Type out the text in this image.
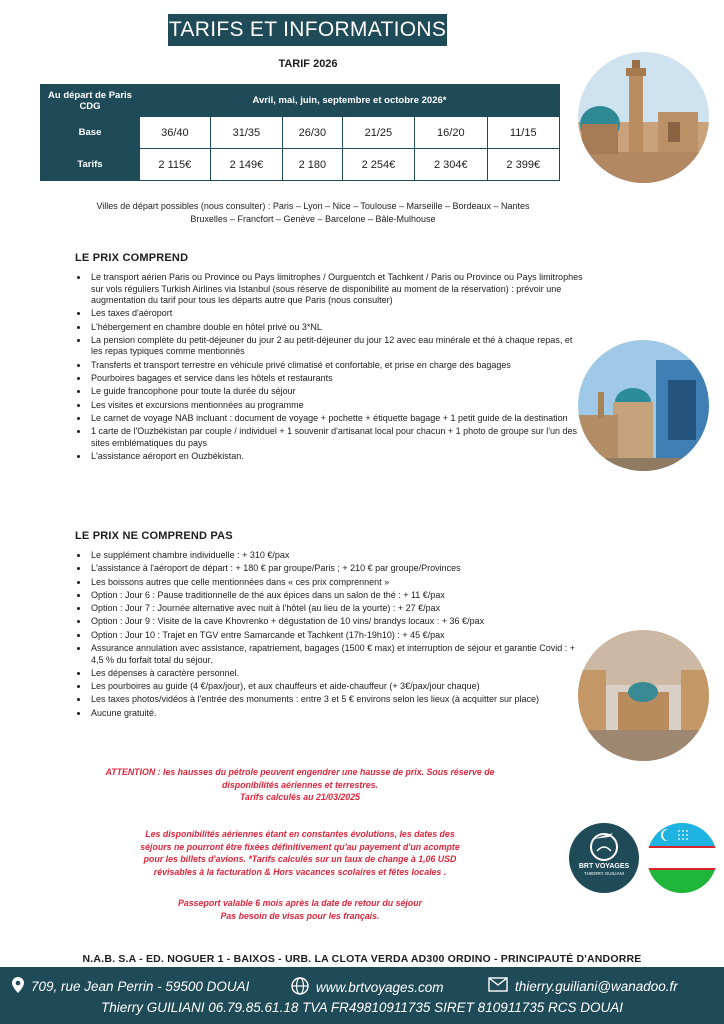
TARIFS ET INFORMATIONS
TARIF 2026
Au départ de Paris CDG	Avril, mai, juin, septembre et octobre 2026*					
Base	36/40	31/35	26/30	21/25	16/20	11/15
Tarifs	2 115€	2 149€	2 180	2 254€	2 304€	2 399€
Villes de départ possibles (nous consulter) : Paris – Lyon – Nice – Toulouse – Marseille – Bordeaux – Nantes
Bruxelles – Francfort – Genève – Barcelone – Bâle-Mulhouse
LE PRIX COMPREND
• Le transport aérien Paris ou Province ou Pays limitrophes / Ourguentch et Tachkent / Paris ou Province ou Pays limitrophes sur vols réguliers Turkish Airlines via Istanbul (sous réserve de disponibilité au moment de la réservation) : prévoir une augmentation du tarif pour tous les départs autre que Paris (nous consulter)
• Les taxes d'aéroport
• L'hébergement en chambre double en hôtel privé ou 3*NL
• La pension complète du petit-déjeuner du jour 2 au petit-déjeuner du jour 12 avec eau minérale et thé à chaque repas, et les repas typiques comme mentionnés
• Transferts et transport terrestre en véhicule privé climatisé et confortable, et prise en charge des bagages
• Pourboires bagages et service dans les hôtels et restaurants
• Le guide francophone pour toute la durée du séjour
• Les visites et excursions mentionnées au programme
• Le carnet de voyage NAB incluant : document de voyage + pochette + étiquette bagage + 1 petit guide de la destination
• 1 carte de l'Ouzbékistan par couple / individuel + 1 souvenir d'artisanat local pour chacun + 1 photo de groupe sur l'un des sites emblématiques du pays
• L'assistance aéroport en Ouzbékistan.
LE PRIX NE COMPREND PAS
• Le supplément chambre individuelle : + 310 €/pax
• L'assistance à l'aéroport de départ : + 180 € par groupe/Paris ; + 210 € par groupe/Provinces
• Les boissons autres que celle mentionnées dans « ces prix comprennent »
• Option : Jour 6 : Pause traditionnelle de thé aux épices dans un salon de thé : + 11 €/pax
• Option : Jour 7 : Journée alternative avec nuit à l'hôtel (au lieu de la yourte) : + 27 €/pax
• Option : Jour 9 : Visite de la cave Khovrenko + dégustation de 10 vins/ brandys locaux : + 36 €/pax
• Option : Jour 10 : Trajet en TGV entre Samarcande et Tachkent (17h-19h10) : + 45 €/pax
• Assurance annulation avec assistance, rapatriement, bagages (1500 € max) et interruption de séjour et garantie Covid : + 4,5 % du forfait total du séjour.
• Les dépenses à caractère personnel.
• Les pourboires au guide (4 €/pax/jour), et aux chauffeurs et aide-chauffeur (+ 3€/pax/jour chaque)
• Les taxes photos/vidéos à l'entrée des monuments : entre 3 et 5 € environs selon les lieux (à acquitter sur place)
• Aucune gratuité.
ATTENTION : les hausses du pétrole peuvent engendrer une hausse de prix. Sous réserve de
disponibilités aériennes et terrestres.
Tarifs calculés au 21/03/2025
Les disponibilités aériennes étant en constantes évolutions, les dates des
séjours ne pourront être fixées définitivement qu'au payement d'un acompte
pour les billets d'avions. *Tarifs calculés sur un taux de change à 1,06 USD
révisables à la facturation & Hors vacances scolaires et fêtes locales .
Passeport valable 6 mois après la date de retour du séjour
Pas besoin de visas pour les français.
BRT VOYAGES
THIERRY GUILIANI
N.A.B. S.A - ED. NOGUER 1 - BAIXOS - URB. LA CLOTA VERDA AD300 ORDINO - PRINCIPAUTÉ D'ANDORRE
709, rue Jean Perrin - 59500 DOUAI	www.brtvoyages.com	thierry.guiliani@wanadoo.fr
Thierry GUILIANI 06.79.85.61.18 TVA FR49810911735 SIRET 810911735 RCS DOUAI
